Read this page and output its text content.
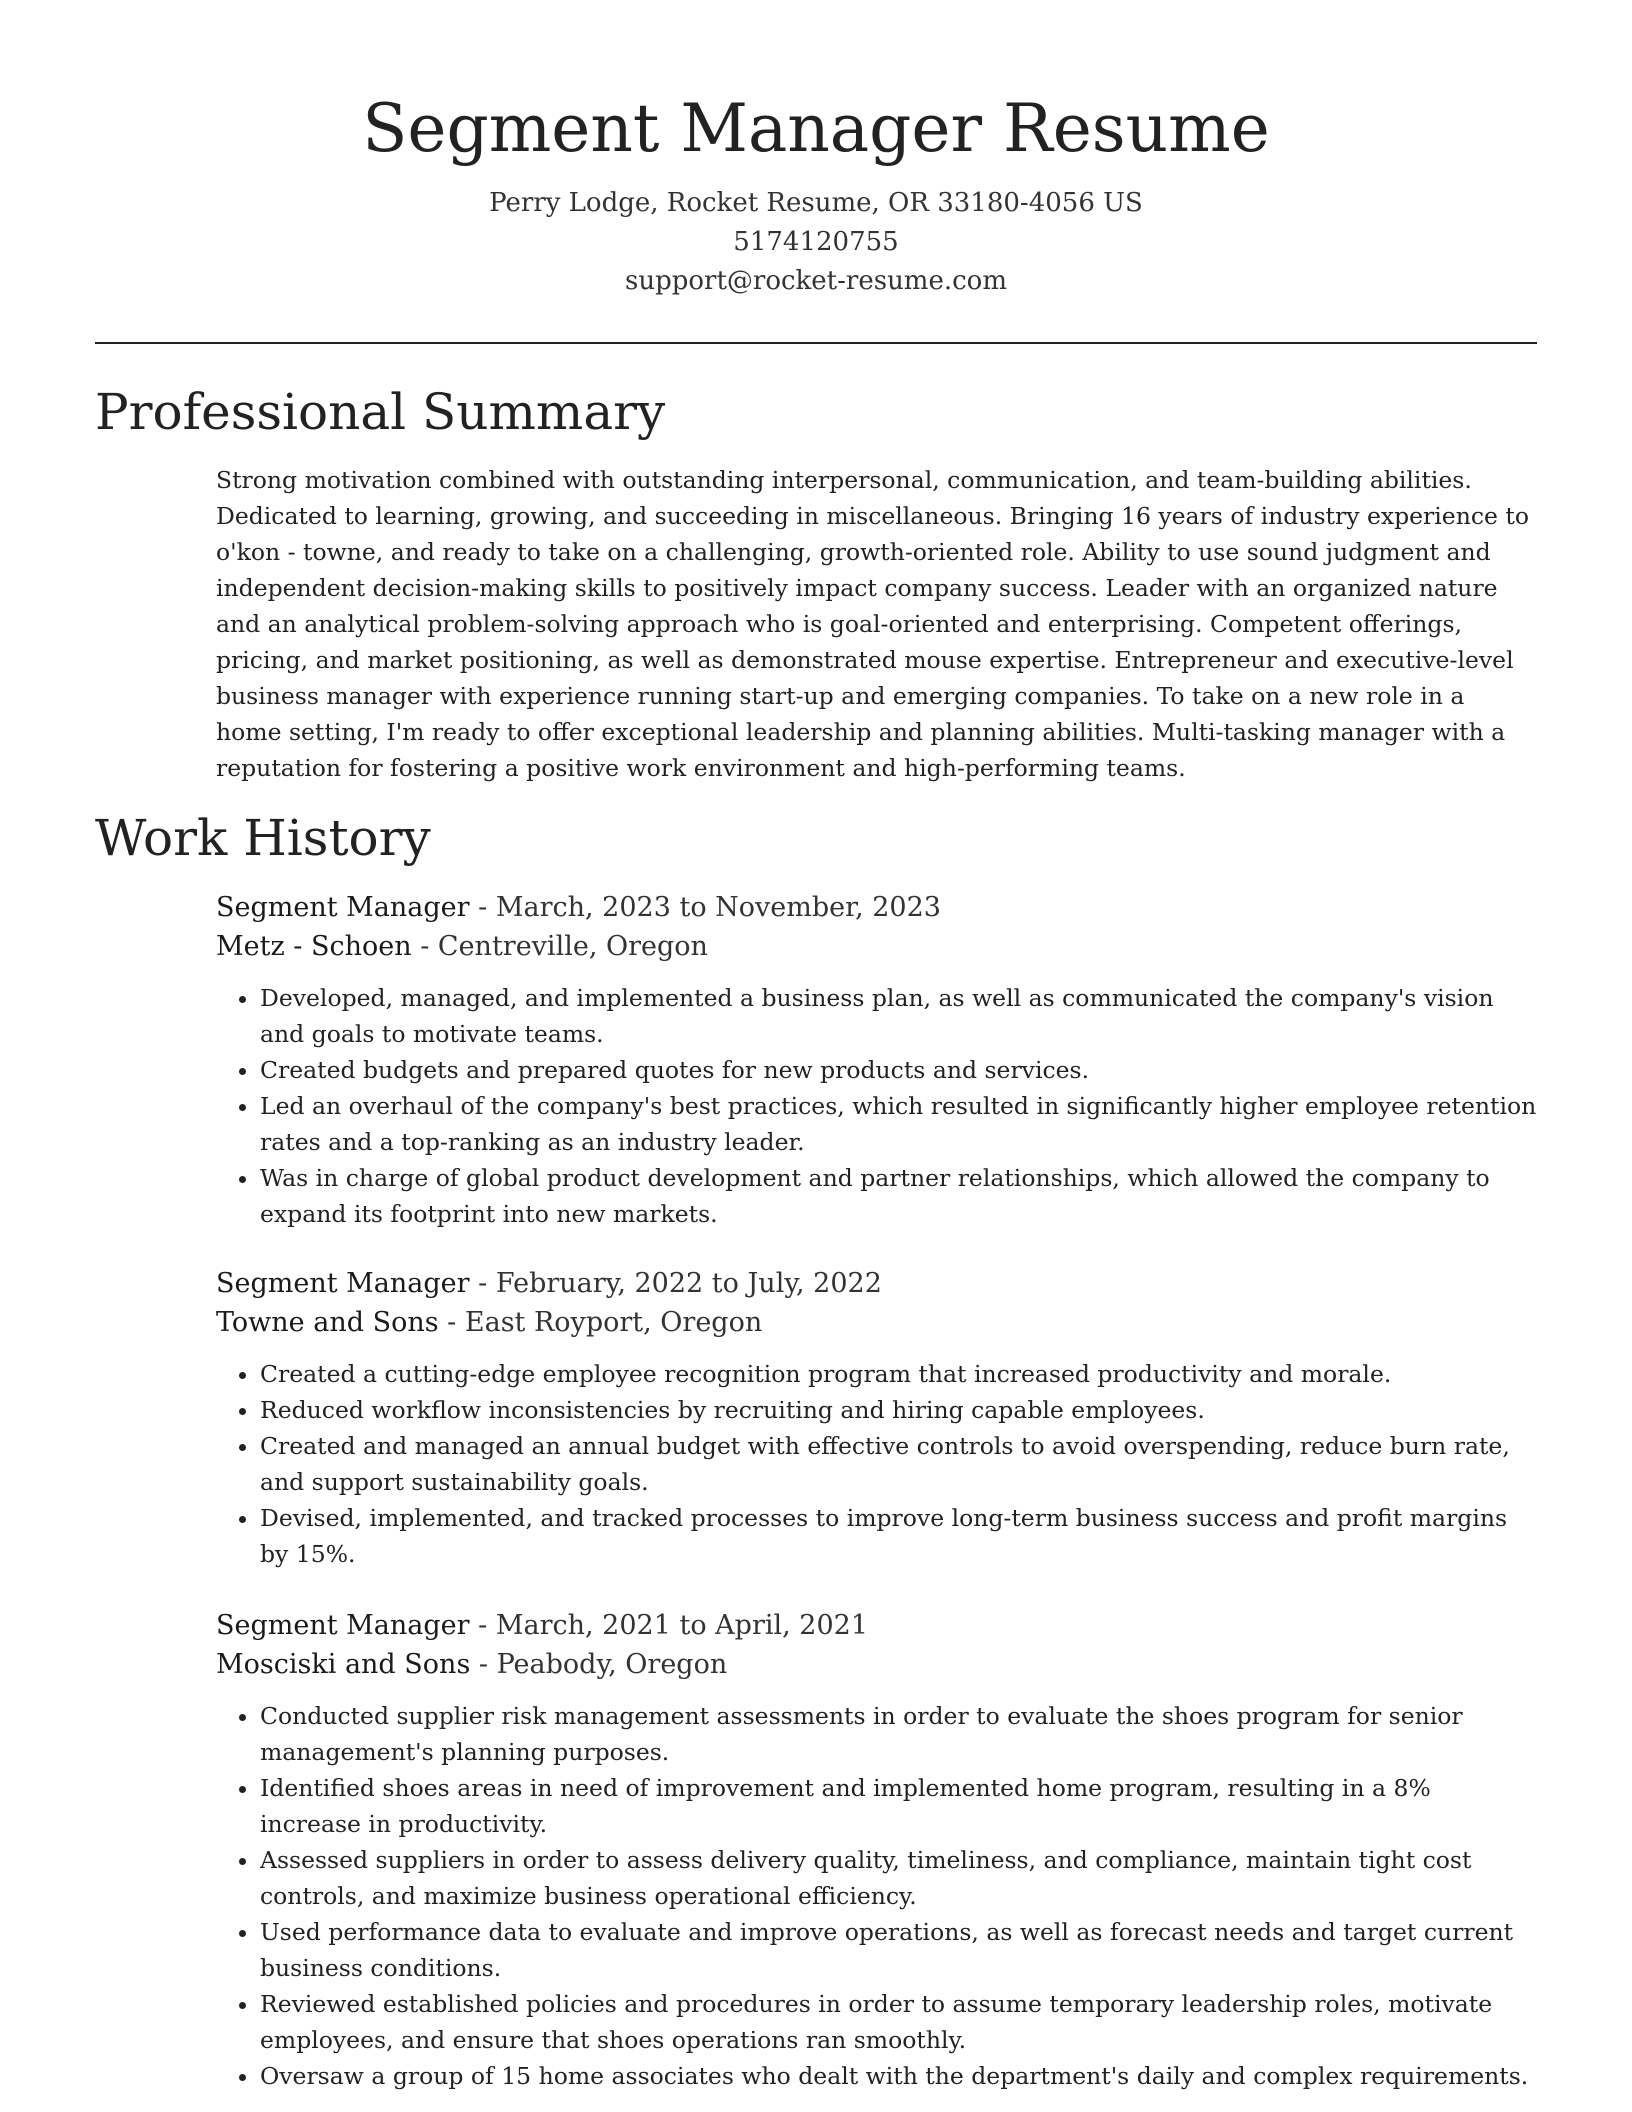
Segment Manager Resume
Perry Lodge, Rocket Resume, OR 33180-4056 US
5174120755
support@rocket-resume.com
Professional Summary

Strong motivation combined with outstanding interpersonal, communication, and team-building abilities. Dedicated to learning, growing, and succeeding in miscellaneous. Bringing 16 years of industry experience to o'kon - towne, and ready to take on a challenging, growth-oriented role. Ability to use sound judgment and independent decision-making skills to positively impact company success. Leader with an organized nature and an analytical problem-solving approach who is goal-oriented and enterprising. Competent offerings, pricing, and market positioning, as well as demonstrated mouse expertise. Entrepreneur and executive-level business manager with experience running start-up and emerging companies. To take on a new role in a home setting, I'm ready to offer exceptional leadership and planning abilities. Multi-tasking manager with a reputation for fostering a positive work environment and high-performing teams.

Work History
Segment Manager - March, 2023 to November, 2023
Metz - Schoen - Centreville, Oregon
• Developed, managed, and implemented a business plan, as well as communicated the company's vision and goals to motivate teams.
• Created budgets and prepared quotes for new products and services.
• Led an overhaul of the company's best practices, which resulted in significantly higher employee retention rates and a top-ranking as an industry leader.
• Was in charge of global product development and partner relationships, which allowed the company to expand its footprint into new markets.
Segment Manager - February, 2022 to July, 2022
Towne and Sons - East Royport, Oregon
• Created a cutting-edge employee recognition program that increased productivity and morale.
• Reduced workflow inconsistencies by recruiting and hiring capable employees.
• Created and managed an annual budget with effective controls to avoid overspending, reduce burn rate, and support sustainability goals.
• Devised, implemented, and tracked processes to improve long-term business success and profit margins by 15%.
Segment Manager - March, 2021 to April, 2021
Mosciski and Sons - Peabody, Oregon
• Conducted supplier risk management assessments in order to evaluate the shoes program for senior management's planning purposes.
• Identified shoes areas in need of improvement and implemented home program, resulting in a 8% increase in productivity.
• Assessed suppliers in order to assess delivery quality, timeliness, and compliance, maintain tight cost controls, and maximize business operational efficiency.
• Used performance data to evaluate and improve operations, as well as forecast needs and target current business conditions.
• Reviewed established policies and procedures in order to assume temporary leadership roles, motivate employees, and ensure that shoes operations ran smoothly.
• Oversaw a group of 15 home associates who dealt with the department's daily and complex requirements.
